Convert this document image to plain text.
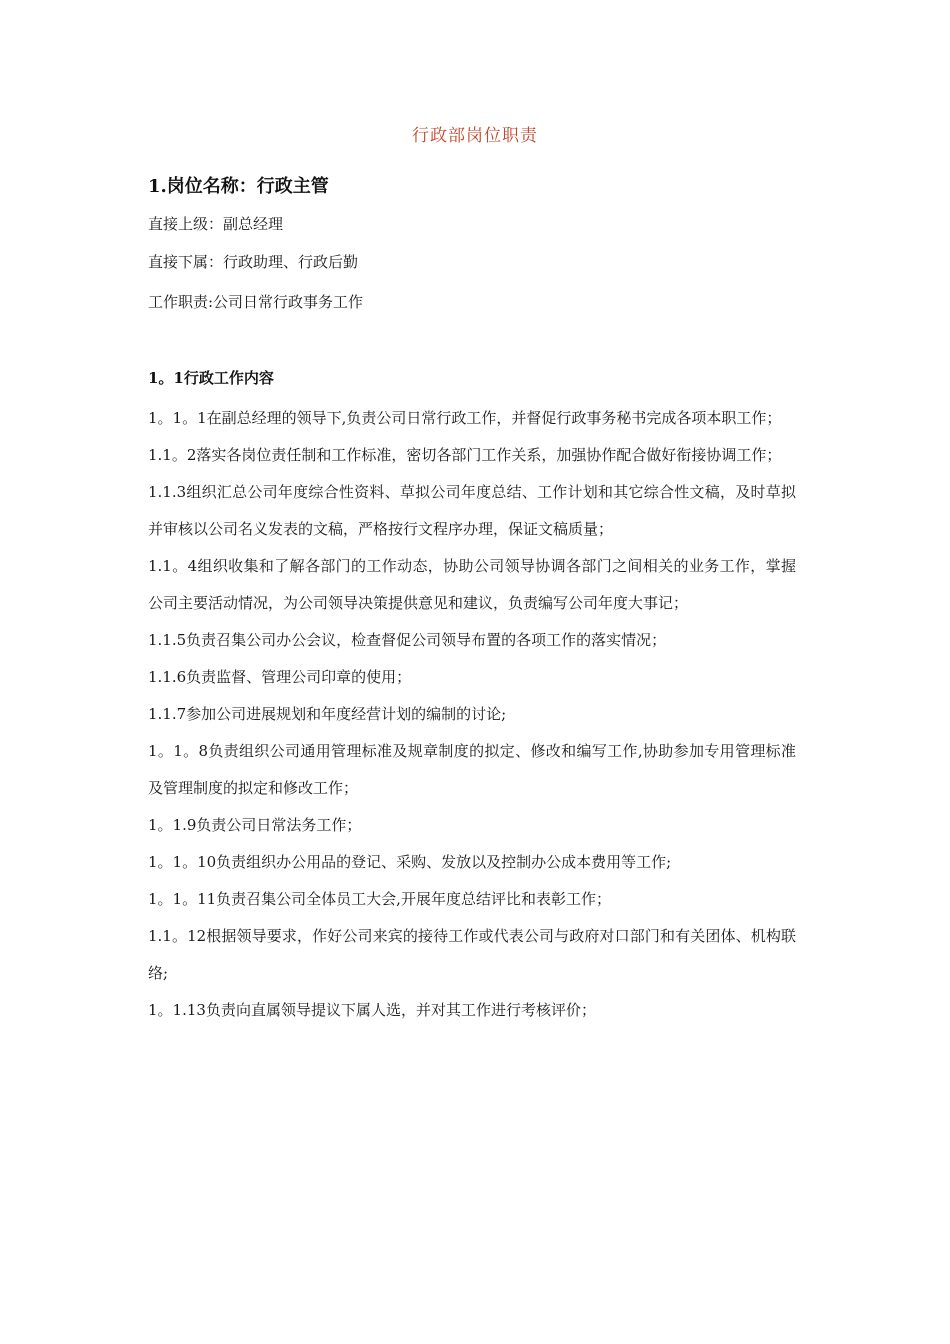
行政部岗位职责
1.岗位名称：行政主管

直接上级：副总经理

直接下属：行政助理、行政后勤

工作职责:公司日常行政事务工作

1。1行政工作内容
1。1。1在副总经理的领导下,负责公司日常行政工作，并督促行政事务秘书完成各项本职工作；
1.1。2落实各岗位责任制和工作标准，密切各部门工作关系，加强协作配合做好衔接协调工作；
1.1.3组织汇总公司年度综合性资料、草拟公司年度总结、工作计划和其它综合性文稿，及时草拟并审核以公司名义发表的文稿，严格按行文程序办理，保证文稿质量；
1.1。4组织收集和了解各部门的工作动态，协助公司领导协调各部门之间相关的业务工作，掌握公司主要活动情况，为公司领导决策提供意见和建议，负责编写公司年度大事记；
1.1.5负责召集公司办公会议，检查督促公司领导布置的各项工作的落实情况；
1.1.6负责监督、管理公司印章的使用；
1.1.7参加公司进展规划和年度经营计划的编制的讨论;
1。1。8负责组织公司通用管理标准及规章制度的拟定、修改和编写工作,协助参加专用管理标准及管理制度的拟定和修改工作；
1。1.9负责公司日常法务工作；
1。1。10负责组织办公用品的登记、采购、发放以及控制办公成本费用等工作;
1。1。11负责召集公司全体员工大会,开展年度总结评比和表彰工作；
1.1。12根据领导要求，作好公司来宾的接待工作或代表公司与政府对口部门和有关团体、机构联络;
1。1.13负责向直属领导提议下属人选，并对其工作进行考核评价；
